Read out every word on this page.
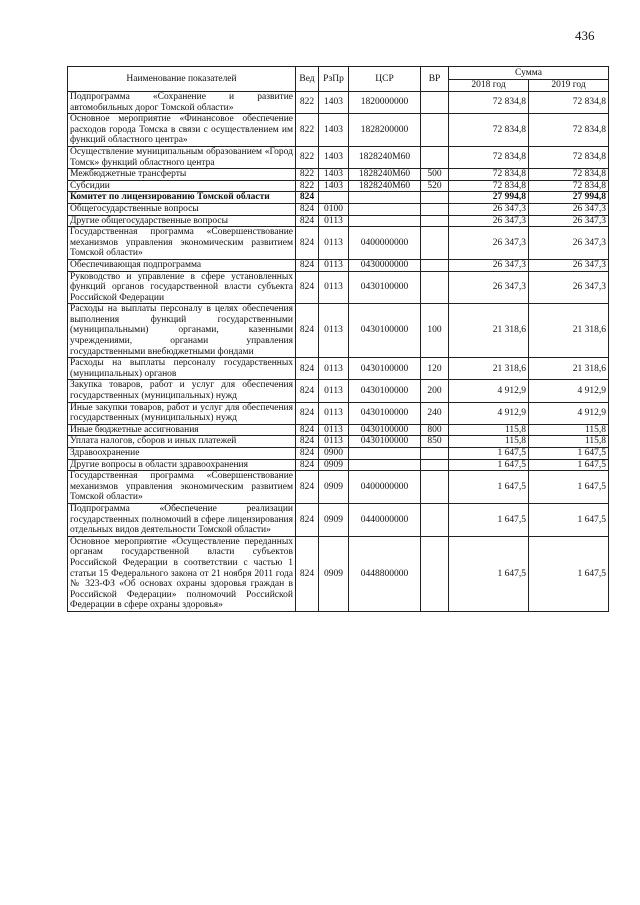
436
Наименование показателей	Вед	РзПр	ЦСР	ВР	Сумма	
					2018 год	2019 год
Подпрограмма «Сохранение и развитие автомобильных дорог Томской области»	822	1403	1820000000		72 834,8	72 834,8
Основное мероприятие «Финансовое обеспечение расходов города Томска в связи с осуществлением им функций областного центра»	822	1403	1828200000		72 834,8	72 834,8
Осуществление муниципальным образованием «Город Томск» функций областного центра	822	1403	1828240М60		72 834,8	72 834,8
Межбюджетные трансферты	822	1403	1828240М60	500	72 834,8	72 834,8
Субсидии	822	1403	1828240М60	520	72 834,8	72 834,8
Комитет по лицензированию Томской области	824				27 994,8	27 994,8
Общегосударственные вопросы	824	0100			26 347,3	26 347,3
Другие общегосударственные вопросы	824	0113			26 347,3	26 347,3
Государственная программа «Совершенствование механизмов управления экономическим развитием Томской области»	824	0113	0400000000		26 347,3	26 347,3
Обеспечивающая подпрограмма	824	0113	0430000000		26 347,3	26 347,3
Руководство и управление в сфере установленных функций органов государственной власти субъекта Российской Федерации	824	0113	0430100000		26 347,3	26 347,3
Расходы на выплаты персоналу в целях обеспечения выполнения функций государственными (муниципальными) органами, казенными учреждениями, органами управления государственными внебюджетными фондами	824	0113	0430100000	100	21 318,6	21 318,6
Расходы на выплаты персоналу государственных (муниципальных) органов	824	0113	0430100000	120	21 318,6	21 318,6
Закупка товаров, работ и услуг для обеспечения государственных (муниципальных) нужд	824	0113	0430100000	200	4 912,9	4 912,9
Иные закупки товаров, работ и услуг для обеспечения государственных (муниципальных) нужд	824	0113	0430100000	240	4 912,9	4 912,9
Иные бюджетные ассигнования	824	0113	0430100000	800	115,8	115,8
Уплата налогов, сборов и иных платежей	824	0113	0430100000	850	115,8	115,8
Здравоохранение	824	0900			1 647,5	1 647,5
Другие вопросы в области здравоохранения	824	0909			1 647,5	1 647,5
Государственная программа «Совершенствование механизмов управления экономическим развитием Томской области»	824	0909	0400000000		1 647,5	1 647,5
Подпрограмма «Обеспечение реализации государственных полномочий в сфере лицензирования отдельных видов деятельности Томской области»	824	0909	0440000000		1 647,5	1 647,5
Основное мероприятие «Осуществление переданных органам государственной власти субъектов Российской Федерации в соответствии с частью 1 статьи 15 Федерального закона от 21 ноября 2011 года № 323-ФЗ «Об основах охраны здоровья граждан в Российской Федерации» полномочий Российской Федерации в сфере охраны здоровья»	824	0909	0448800000		1 647,5	1 647,5
